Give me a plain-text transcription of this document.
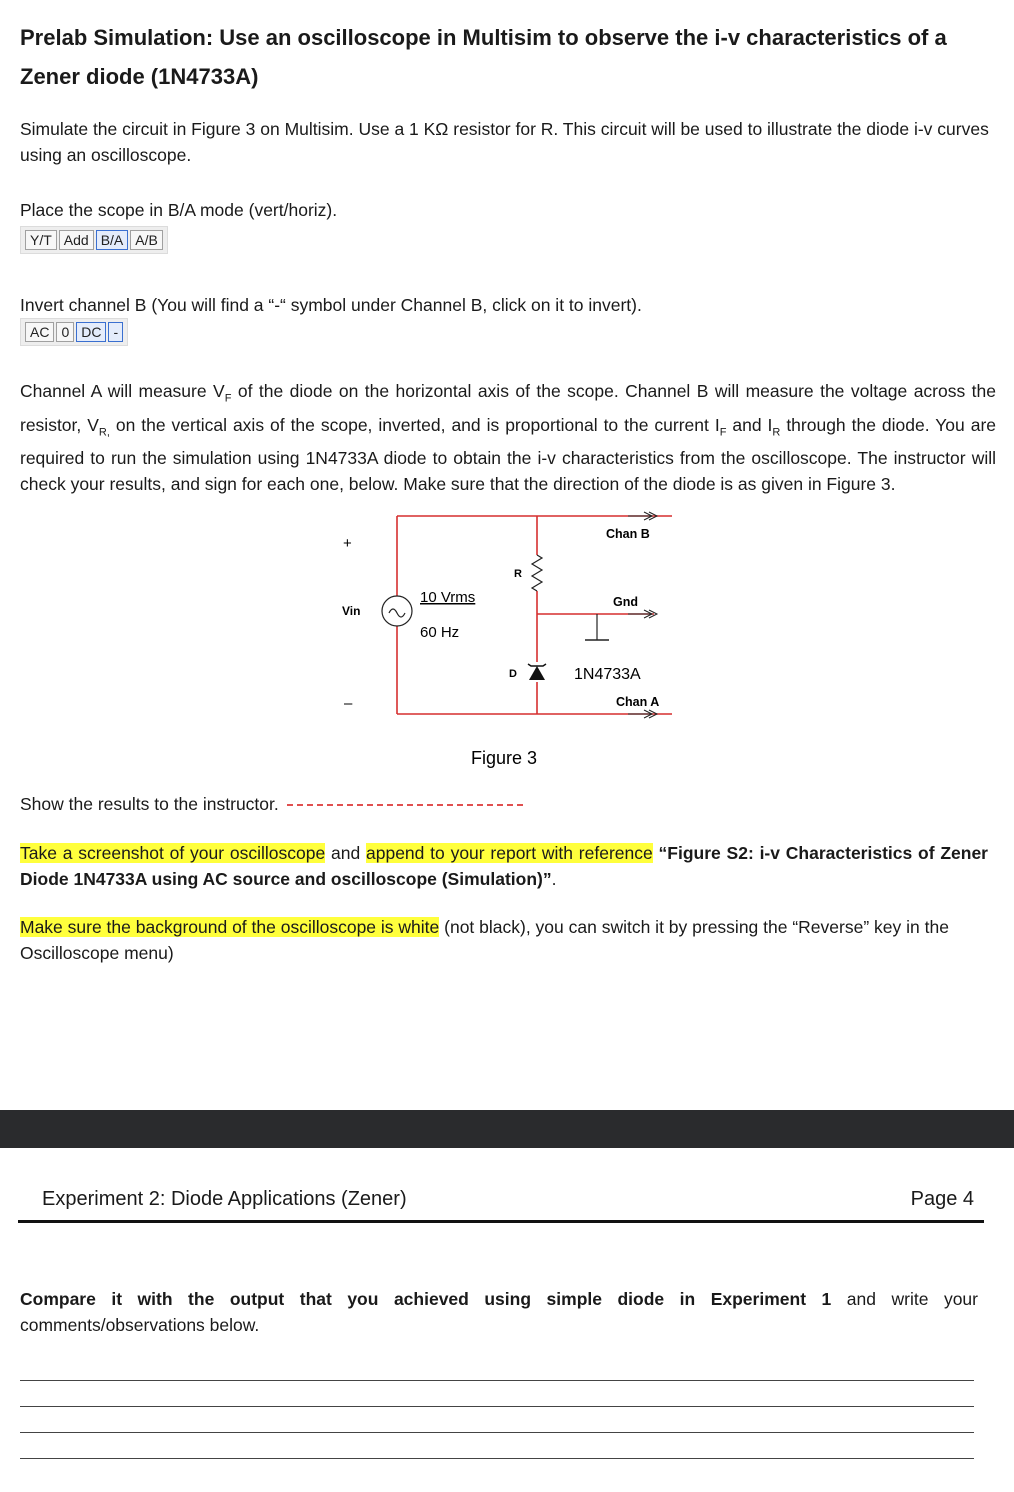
Prelab Simulation: Use an oscilloscope in Multisim to observe the i-v characteristics of a Zener diode (1N4733A)
Simulate the circuit in Figure 3 on Multisim. Use a 1 KΩ resistor for R. This circuit will be used to illustrate the diode i-v curves using an oscilloscope.
Place the scope in B/A mode (vert/horiz).
Y/T Add B/A A/B
Invert channel B (You will find a “-“ symbol under Channel B, click on it to invert).
AC 0 DC -
Channel A will measure $V_F$ of the diode on the horizontal axis of the scope. Channel B will measure the voltage across the resistor, $V_{R,}$ on the vertical axis of the scope, inverted, and is proportional to the current $I_F$ and $I_R$ through the diode. You are required to run the simulation using 1N4733A diode to obtain the i-v characteristics from the oscilloscope. The instructor will check your results, and sign for each one, below. Make sure that the direction of the diode is as given in Figure 3.
+
–
Vin
10 Vrms
60 Hz
R
D	1N4733A
Chan B
Gnd
Chan A
Figure 3
Show the results to the instructor.
Take a screenshot of your oscilloscope and append to your report with reference “Figure S2: i-v Characteristics of Zener Diode 1N4733A using AC source and oscilloscope (Simulation)”.
Make sure the background of the oscilloscope is white (not black), you can switch it by pressing the “Reverse” key in the Oscilloscope menu)
Experiment 2: Diode Applications (Zener)	Page 4
Compare it with the output that you achieved using simple diode in Experiment 1 and write your comments/observations below.
